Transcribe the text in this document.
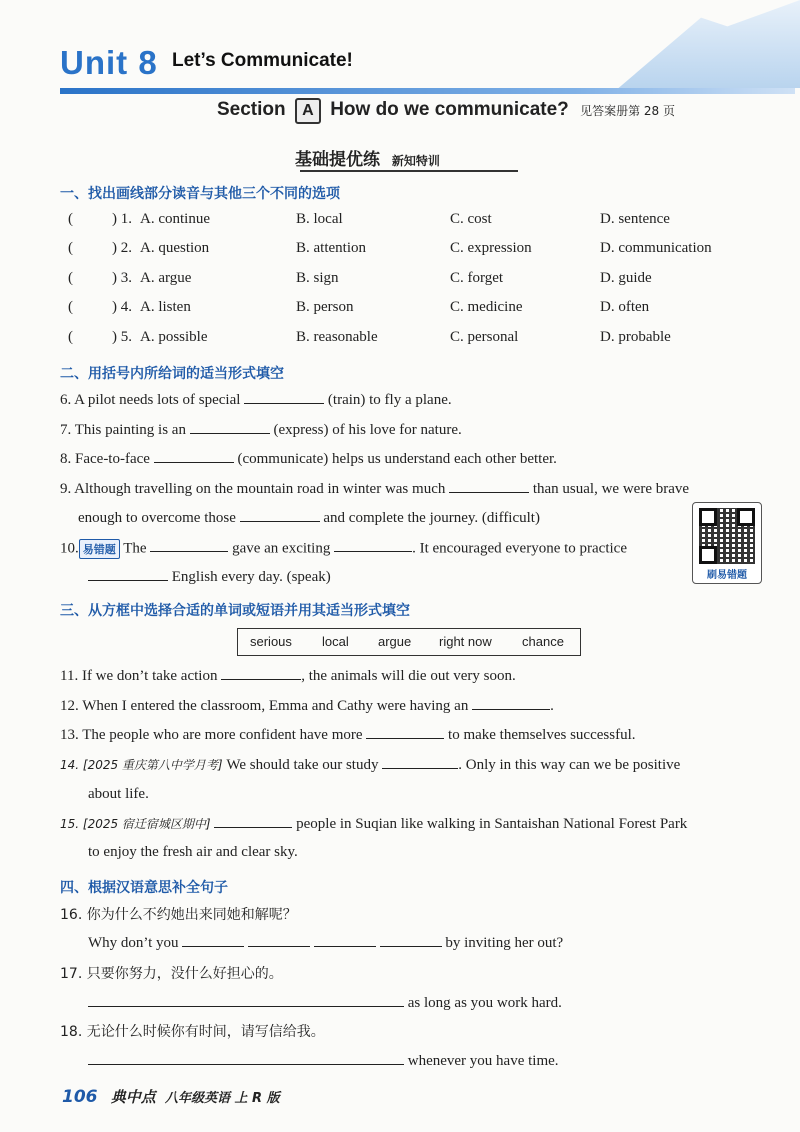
Unit 8 Let’s Communicate!
Section A How do we communicate? 见答案册第 28 页
基础提优练 新知特训
一、找出画线部分读音与其他三个不同的选项
(	) 1. A. continue	B. local	C. cost	D. sentence
(	) 2. A. question	B. attention	C. expression	D. communication
(	) 3. A. argue	B. sign	C. forget	D. guide
(	) 4. A. listen	B. person	C. medicine	D. often
(	) 5. A. possible	B. reasonable	C. personal	D. probable
二、用括号内所给词的适当形式填空
6. A pilot needs lots of special	(train) to fly a plane.
7. This painting is an	(express) of his love for nature.
8. Face-to-face	(communicate) helps us understand each other better.
9. Although travelling on the mountain road in winter was much	than usual, we were brave
enough to overcome those	and complete the journey. (difficult)
10. 易错题 The	gave an exciting	. It encouraged everyone to practice
English every day. (speak)	刷易错题
三、从方框中选择合适的单词或短语并用其适当形式填空
serious local argue right now chance
11. If we don’t take action	, the animals will die out very soon.
12. When I entered the classroom, Emma and Cathy were having an	.
13. The people who are more confident have more	to make themselves successful.
14. [2025 重庆第八中学月考] We should take our study	. Only in this way can we be positive
about life.
15. [2025 宿迁宿城区期中]	people in Suqian like walking in Santaishan National Forest Park
to enjoy the fresh air and clear sky.
四、根据汉语意思补全句子
16. 你为什么不约她出来同她和解呢？
Why don’t you	by inviting her out?
17. 只要你努力，没什么好担心的。
as long as you work hard.
18. 无论什么时候你有时间，请写信给我。
whenever you have time.
106 典中点 八年级英语 上 R 版
